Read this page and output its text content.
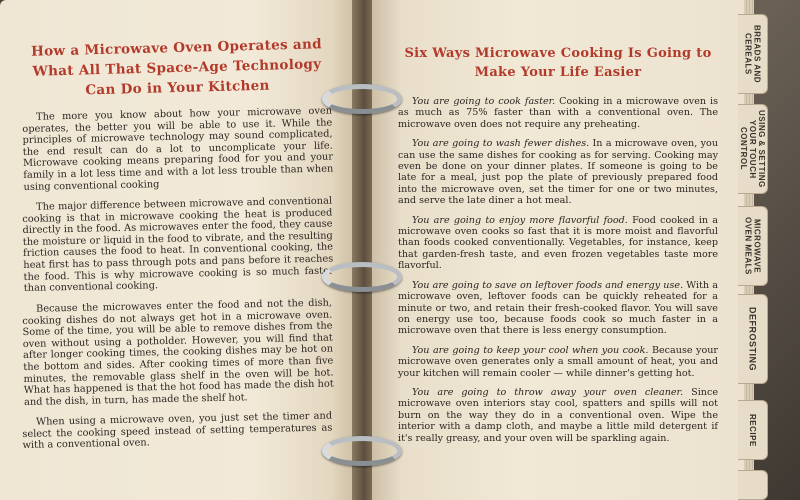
How a Microwave Oven Operates and What All That Space-Age Technology Can Do in Your Kitchen

The more you know about how your microwave oven operates, the better you will be able to use it. While the principles of microwave technology may sound complicated, the end result can do a lot to uncomplicate your life. Microwave cooking means preparing food for you and your family in a lot less time and with a lot less trouble than when using conventional cooking

The major difference between microwave and conventional cooking is that in microwave cooking the heat is produced directly in the food. As microwaves enter the food, they cause the moisture or liquid in the food to vibrate, and the resulting friction causes the food to heat. In conventional cooking, the heat first has to pass through pots and pans before it reaches the food. This is why microwave cooking is so much faster than conventional cooking.

Because the microwaves enter the food and not the dish, cooking dishes do not always get hot in a microwave oven. Some of the time, you will be able to remove dishes from the oven without using a potholder. However, you will find that after longer cooking times, the cooking dishes may be hot on the bottom and sides. After cooking times of more than five minutes, the removable glass shelf in the oven will be hot. What has happened is that the hot food has made the dish hot and the dish, in turn, has made the shelf hot.

When using a microwave oven, you just set the timer and select the cooking speed instead of setting temperatures as with a conventional oven.

Six Ways Microwave Cooking Is Going to Make Your Life Easier

You are going to cook faster. Cooking in a microwave oven is as much as 75% faster than with a conventional oven. The microwave oven does not require any preheating.

You are going to wash fewer dishes. In a microwave oven, you can use the same dishes for cooking as for serving. Cooking may even be done on your dinner plates. If someone is going to be late for a meal, just pop the plate of previously prepared food into the microwave oven, set the timer for one or two minutes, and serve the late diner a hot meal.

You are going to enjoy more flavorful food. Food cooked in a microwave oven cooks so fast that it is more moist and flavorful than foods cooked conventionally. Vegetables, for instance, keep that garden-fresh taste, and even frozen vegetables taste more flavorful.

You are going to save on leftover foods and energy use. With a microwave oven, leftover foods can be quickly reheated for a minute or two, and retain their fresh-cooked flavor. You will save on energy use too, because foods cook so much faster in a microwave oven that there is less energy consumption.

You are going to keep your cool when you cook. Because your microwave oven generates only a small amount of heat, you and your kitchen will remain cooler — while dinner's getting hot.

You are going to throw away your oven cleaner. Since microwave oven interiors stay cool, spatters and spills will not burn on the way they do in a conventional oven. Wipe the interior with a damp cloth, and maybe a little mild detergent if it's really greasy, and your oven will be sparkling again.

BREADS AND CEREALS
USING & SETTING YOUR TOUCH CONTROL
MICROWAVE OVEN MEALS
DEFROSTING
RECIPE
